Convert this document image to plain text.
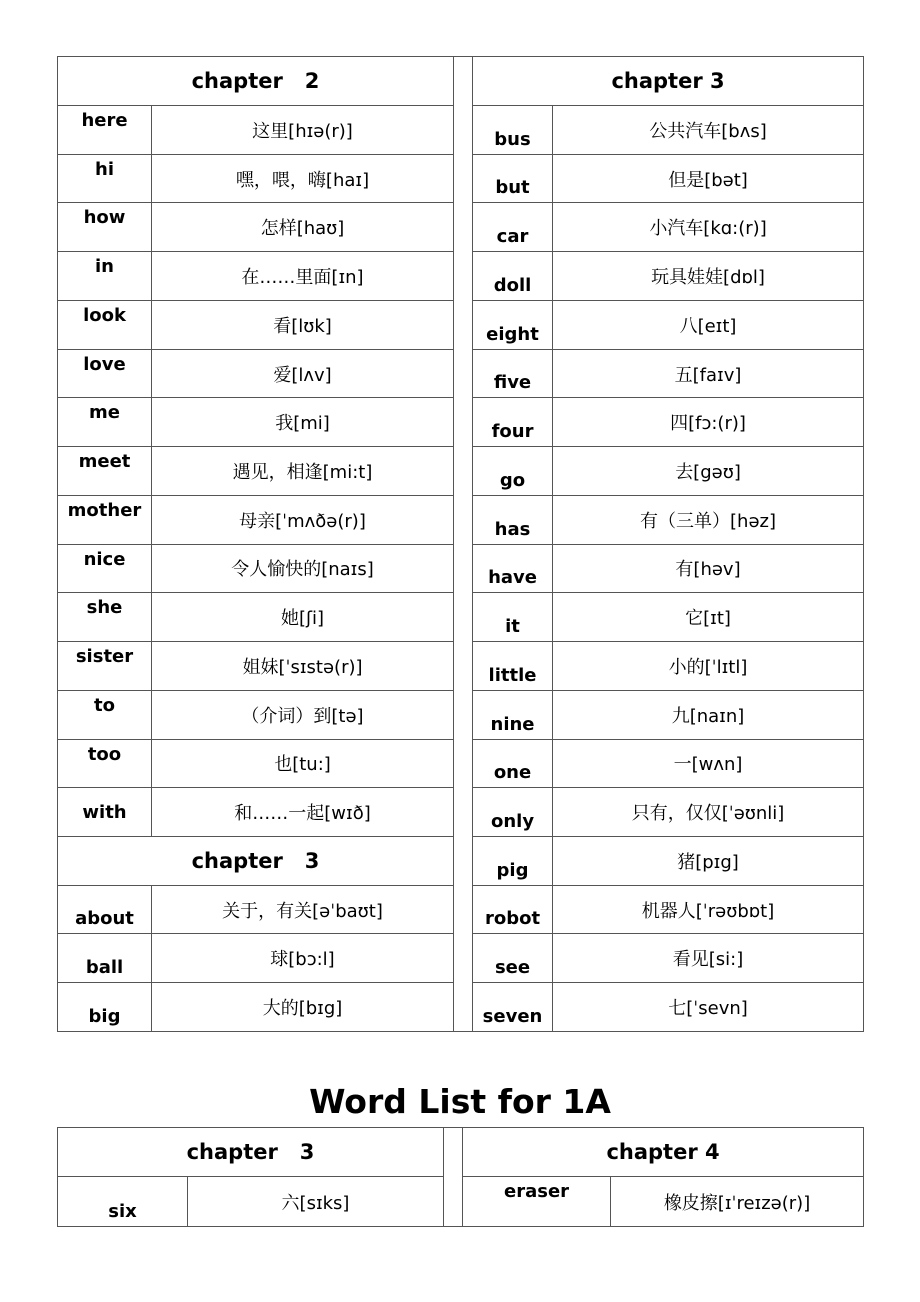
chapter   2			chapter 3	
here	这里[hɪə(r)]		bus	公共汽车[bʌs]
hi	嘿，喂，嗨[haɪ]		but	但是[bət]
how	怎样[haʊ]		car	小汽车[kɑ:(r)]
in	在……里面[ɪn]		doll	玩具娃娃[dɒl]
look	看[lʊk]		eight	八[eɪt]
love	爱[lʌv]		five	五[faɪv]
me	我[mi]		four	四[fɔ:(r)]
meet	遇见，相逢[mi:t]		go	去[gəʊ]
mother	母亲[ˈmʌðə(r)]		has	有（三单）[həz]
nice	令人愉快的[naɪs]		have	有[həv]
she	她[ʃi]		it	它[ɪt]
sister	姐妹[ˈsɪstə(r)]		little	小的[ˈlɪtl]
to	（介词）到[tə]		nine	九[naɪn]
too	也[tu:]		one	一[wʌn]
with	和……一起[wɪð]		only	只有，仅仅[ˈəʊnli]
chapter   3			pig	猪[pɪg]
about	关于，有关[əˈbaʊt]		robot	机器人[ˈrəʊbɒt]
ball	球[bɔ:l]		see	看见[si:]
big	大的[bɪg]		seven	七[ˈsevn]
Word List for 1A
chapter   3			chapter 4	
six	六[sɪks]		eraser	橡皮擦[ɪˈreɪzə(r)]
